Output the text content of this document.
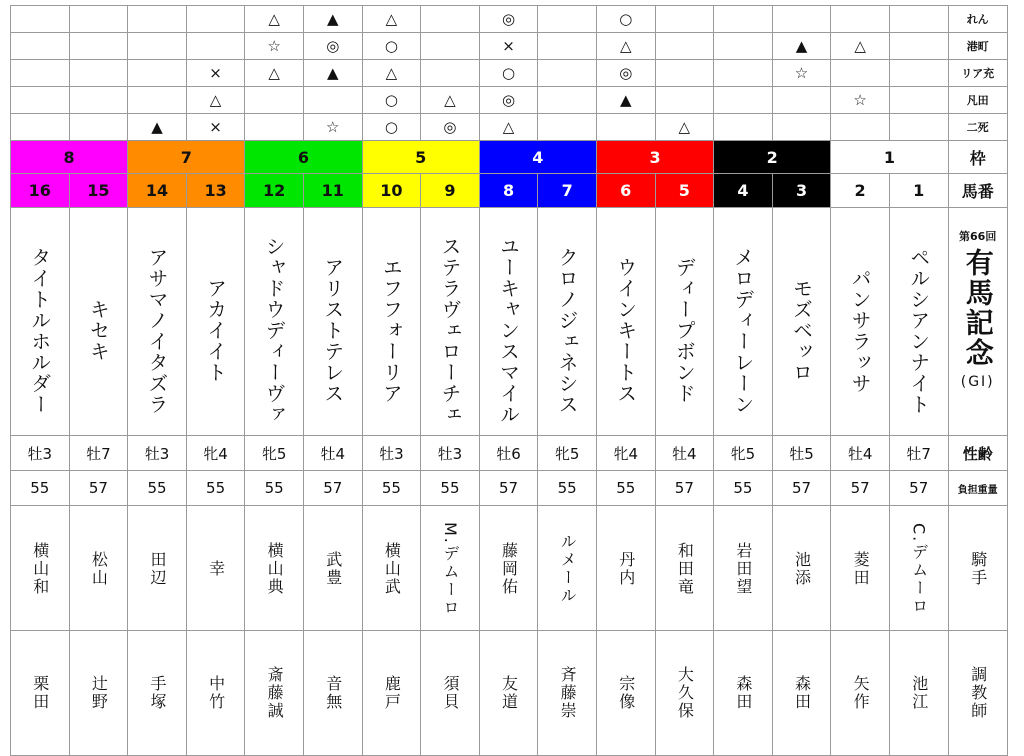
				△	▲	△		◎		○						れん
				☆	◎	○		×		△			▲	△		港町
			×	△	▲	△		○		◎			☆			リア充
			△			○	△	◎		▲				☆		凡田
		▲	×		☆	○	◎	△			△					二死
8		7		6		5		4		3		2		1		枠
16	15	14	13	12	11	10	9	8	7	6	5	4	3	2	1	馬番

タイトルホルダー	キセキ	アサマノイタズラ	アカイイト	シャドウディーヴァ	アリストテレス	エフフォーリア	ステラヴェローチェ	ユーキャンスマイル	クロノジェネシス	ウインキートス	ディープボンド	メロディーレーン	モズベッロ	パンサラッサ	ペルシアンナイト	第66回
有馬記念
(GⅠ)

牡3	牡7	牡3	牝4	牝5	牡4	牡3	牡3	牡6	牝5	牝4	牡4	牝5	牡5	牡4	牡7	性齢
55	57	55	55	55	57	55	55	57	55	55	57	55	57	57	57	負担重量

横山和	松山	田辺	幸	横山典	武豊	横山武	M.デムーロ	藤岡佑	ルメール	丹内	和田竜	岩田望	池添	菱田	C.デムーロ	騎手

栗田	辻野	手塚	中竹	斎藤誠	音無	鹿戸	須貝	友道	斉藤崇	宗像	大久保	森田	森田	矢作	池江	調教師
